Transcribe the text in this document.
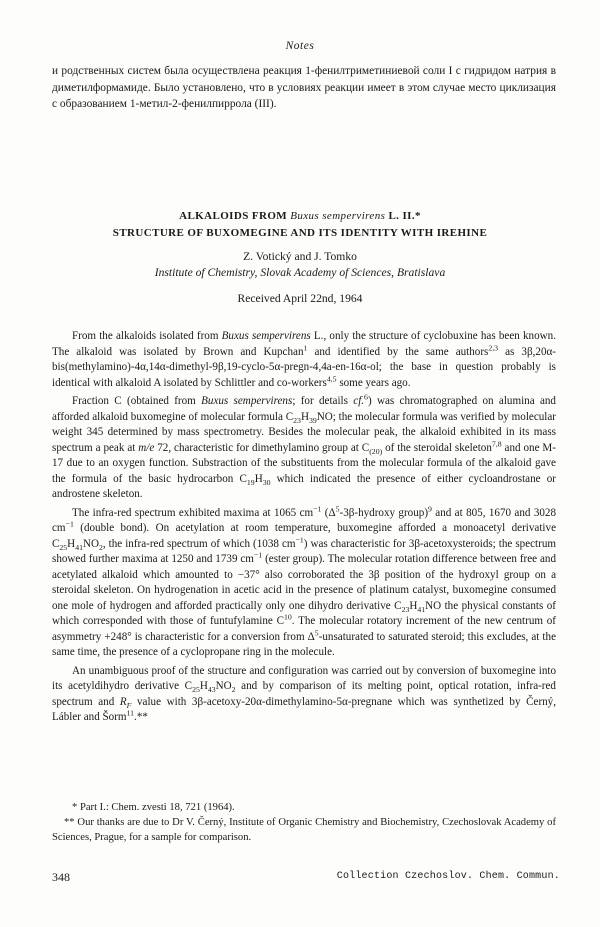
Notes
и родственных систем была осуществлена реакция 1-фенилтриметиниевой соли I с гидридом натрия в диметилформамиде. Было установлено, что в условиях реакции имеет в этом случае место циклизация с образованием 1-метил-2-фенилпиррола (III).
ALKALOIDS FROM Buxus sempervirens L. II.*
STRUCTURE OF BUXOMEGINE AND ITS IDENTITY WITH IREHINE
Z. Votický and J. Tomko
Institute of Chemistry, Slovak Academy of Sciences, Bratislava
Received April 22nd, 1964

From the alkaloids isolated from Buxus sempervirens L., only the structure of cyclobuxine has been known. The alkaloid was isolated by Brown and Kupchan$^1$ and identified by the same authors$^{2,3}$ as 3β,20α-bis(methylamino)-4α,14α-dimethyl-9β,19-cyclo-5α-pregn-4,4a-en-16α-ol; the base in question probably is identical with alkaloid A isolated by Schlittler and co-workers$^{4,5}$ some years ago.

Fraction C (obtained from Buxus sempervirens; for details cf.$^6$) was chromatographed on alumina and afforded alkaloid buxomegine of molecular formula $C_{23}H_{39}NO$; the molecular formula was verified by molecular weight 345 determined by mass spectrometry. Besides the molecular peak, the alkaloid exhibited in its mass spectrum a peak at m/e 72, characteristic for dimethylamino group at $C_{(20)}$ of the steroidal skeleton$^{7,8}$ and one M-17 due to an oxygen function. Substraction of the substituents from the molecular formula of the alkaloid gave the formula of the basic hydrocarbon $C_{19}H_{30}$ which indicated the presence of either cycloandrostane or androstene skeleton.

The infra-red spectrum exhibited maxima at 1065 $cm^{-1}$ ($\Delta^5-3\beta$-hydroxy group)$^9$ and at 805, 1670 and 3028 $cm^{-1}$ (double bond). On acetylation at room temperature, buxomegine afforded a monoacetyl derivative $C_{25}H_{41}NO_2$, the infra-red spectrum of which (1038 $cm^{-1}$) was characteristic for 3β-acetoxysteroids; the spectrum showed further maxima at 1250 and 1739 $cm^{-1}$ (ester group). The molecular rotation difference between free and acetylated alkaloid which amounted to −37° also corroborated the 3β position of the hydroxyl group on a steroidal skeleton. On hydrogenation in acetic acid in the presence of platinum catalyst, buxomegine consumed one mole of hydrogen and afforded practically only one dihydro derivative $C_{23}H_{41}NO$ the physical constants of which corresponded with those of funtufylamine $C^{10}$. The molecular rotatory increment of the new centrum of asymmetry +248° is characteristic for a conversion from $\Delta^5$-unsaturated to saturated steroid; this excludes, at the same time, the presence of a cyclopropane ring in the molecule.

An unambiguous proof of the structure and configuration was carried out by conversion of buxomegine into its acetyldihydro derivative $C_{25}H_{43}NO_2$ and by comparison of its melting point, optical rotation, infra-red spectrum and $R_F$ value with 3β-acetoxy-20α-dimethylamino-5α-pregnane which was synthetized by Černý, Lábler and Šorm$^{11}$.**

* Part I.: Chem. zvesti 18, 721 (1964).

** Our thanks are due to Dr V. Černý, Institute of Organic Chemistry and Biochemistry, Czechoslovak Academy of Sciences, Prague, for a sample for comparison.

348	Collection Czechoslov. Chem. Commun.
